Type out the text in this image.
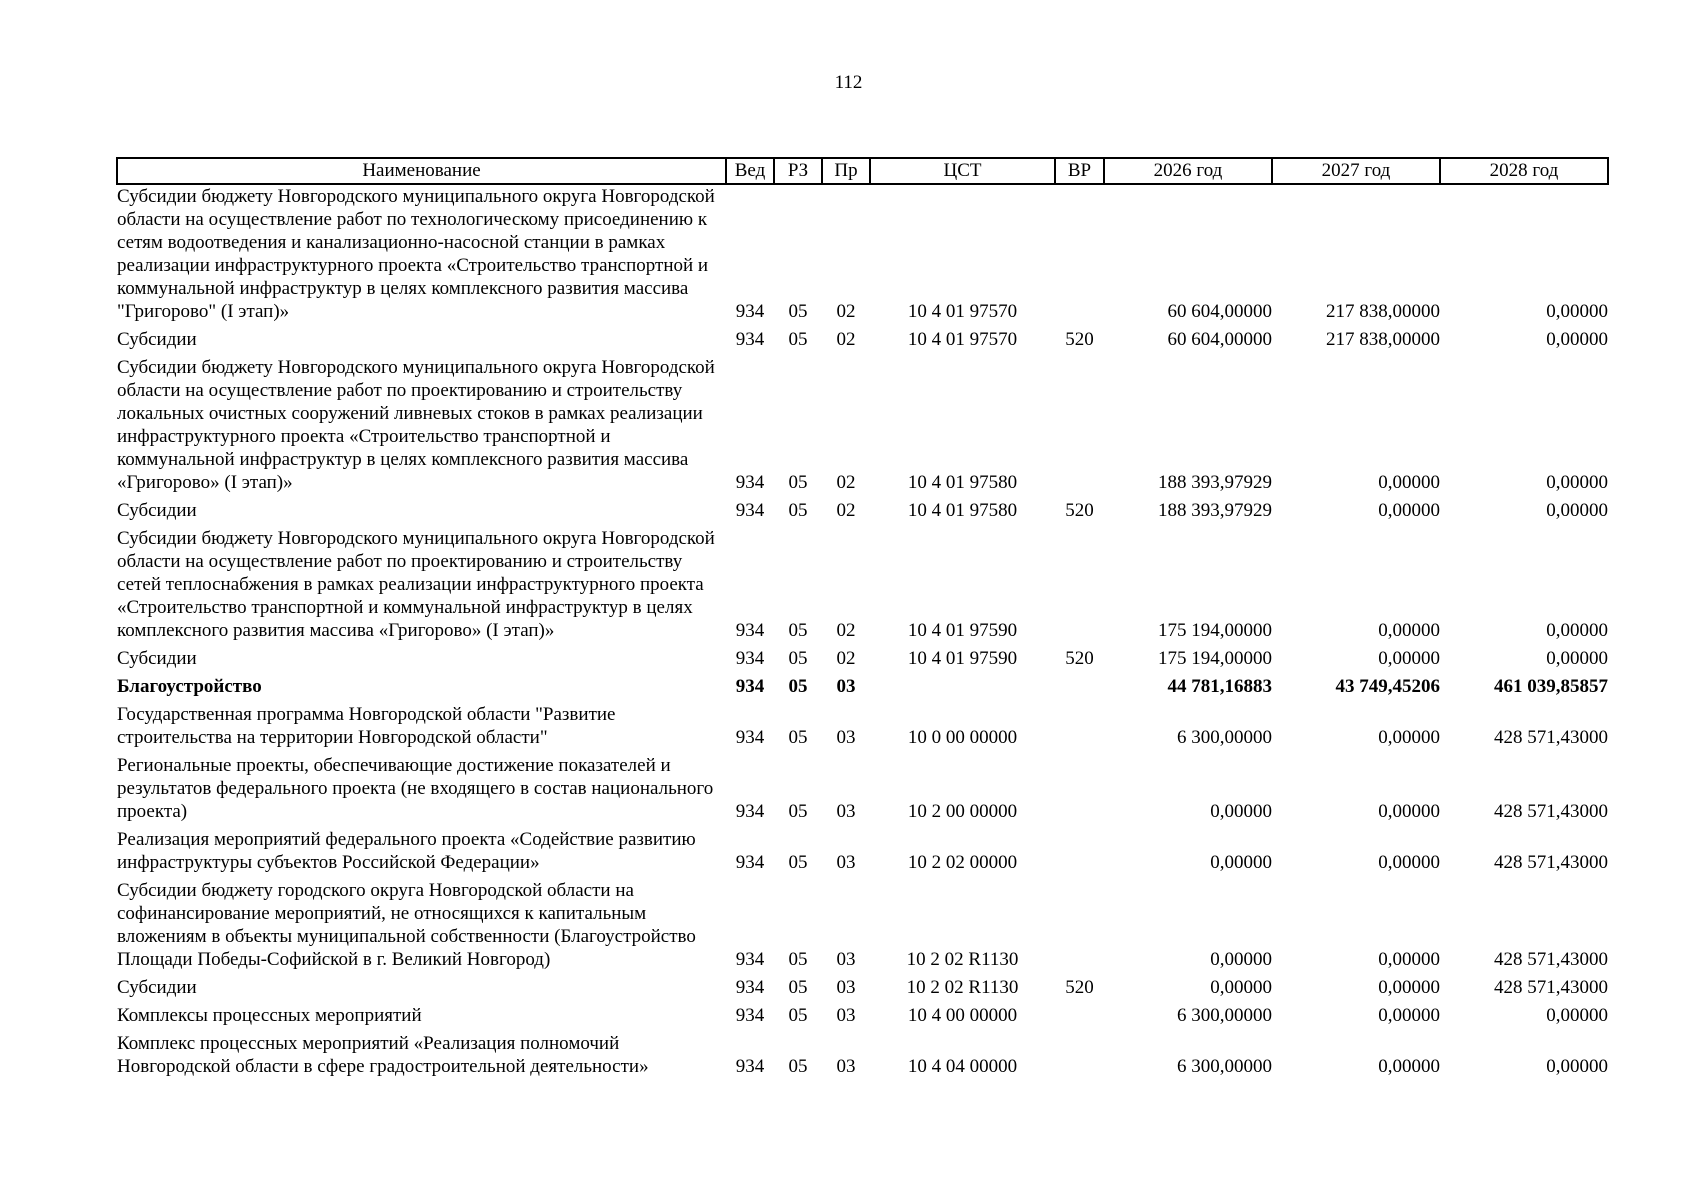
112
Наименование	Вед	РЗ	Пр	ЦСТ	ВР	2026 год	2027 год	2028 год
Субсидии бюджету Новгородского муниципального округа Новгородской области на осуществление работ по технологическому присоединению к сетям водоотведения и канализационно-насосной станции в рамках реализации инфраструктурного проекта «Строительство транспортной и коммунальной инфраструктур в целях комплексного развития массива "Григорово" (I этап)»	934	05	02	10 4 01 97570		60 604,00000	217 838,00000	0,00000
Субсидии	934	05	02	10 4 01 97570	520	60 604,00000	217 838,00000	0,00000
Субсидии бюджету Новгородского муниципального округа Новгородской области на осуществление работ по проектированию и строительству локальных очистных сооружений ливневых стоков в рамках реализации инфраструктурного проекта «Строительство транспортной и коммунальной инфраструктур в целях комплексного развития массива «Григорово» (I этап)»	934	05	02	10 4 01 97580		188 393,97929	0,00000	0,00000
Субсидии	934	05	02	10 4 01 97580	520	188 393,97929	0,00000	0,00000
Субсидии бюджету Новгородского муниципального округа Новгородской области на осуществление работ по проектированию и строительству сетей теплоснабжения в рамках реализации инфраструктурного проекта «Строительство транспортной и коммунальной инфраструктур в целях комплексного развития массива «Григорово» (I этап)»	934	05	02	10 4 01 97590		175 194,00000	0,00000	0,00000
Субсидии	934	05	02	10 4 01 97590	520	175 194,00000	0,00000	0,00000
Благоустройство	934	05	03			44 781,16883	43 749,45206	461 039,85857
Государственная программа Новгородской области "Развитие строительства на территории Новгородской области"	934	05	03	10 0 00 00000		6 300,00000	0,00000	428 571,43000
Региональные проекты, обеспечивающие достижение показателей и результатов федерального проекта (не входящего в состав национального проекта)	934	05	03	10 2 00 00000		0,00000	0,00000	428 571,43000
Реализация мероприятий федерального проекта «Содействие развитию инфраструктуры субъектов Российской Федерации»	934	05	03	10 2 02 00000		0,00000	0,00000	428 571,43000
Субсидии бюджету городского округа Новгородской области на софинансирование мероприятий, не относящихся к капитальным вложениям в объекты муниципальной собственности (Благоустройство Площади Победы-Софийской в г. Великий Новгород)	934	05	03	10 2 02 R1130		0,00000	0,00000	428 571,43000
Субсидии	934	05	03	10 2 02 R1130	520	0,00000	0,00000	428 571,43000
Комплексы процессных мероприятий	934	05	03	10 4 00 00000		6 300,00000	0,00000	0,00000
Комплекс процессных мероприятий «Реализация полномочий Новгородской области в сфере градостроительной деятельности»	934	05	03	10 4 04 00000		6 300,00000	0,00000	0,00000
